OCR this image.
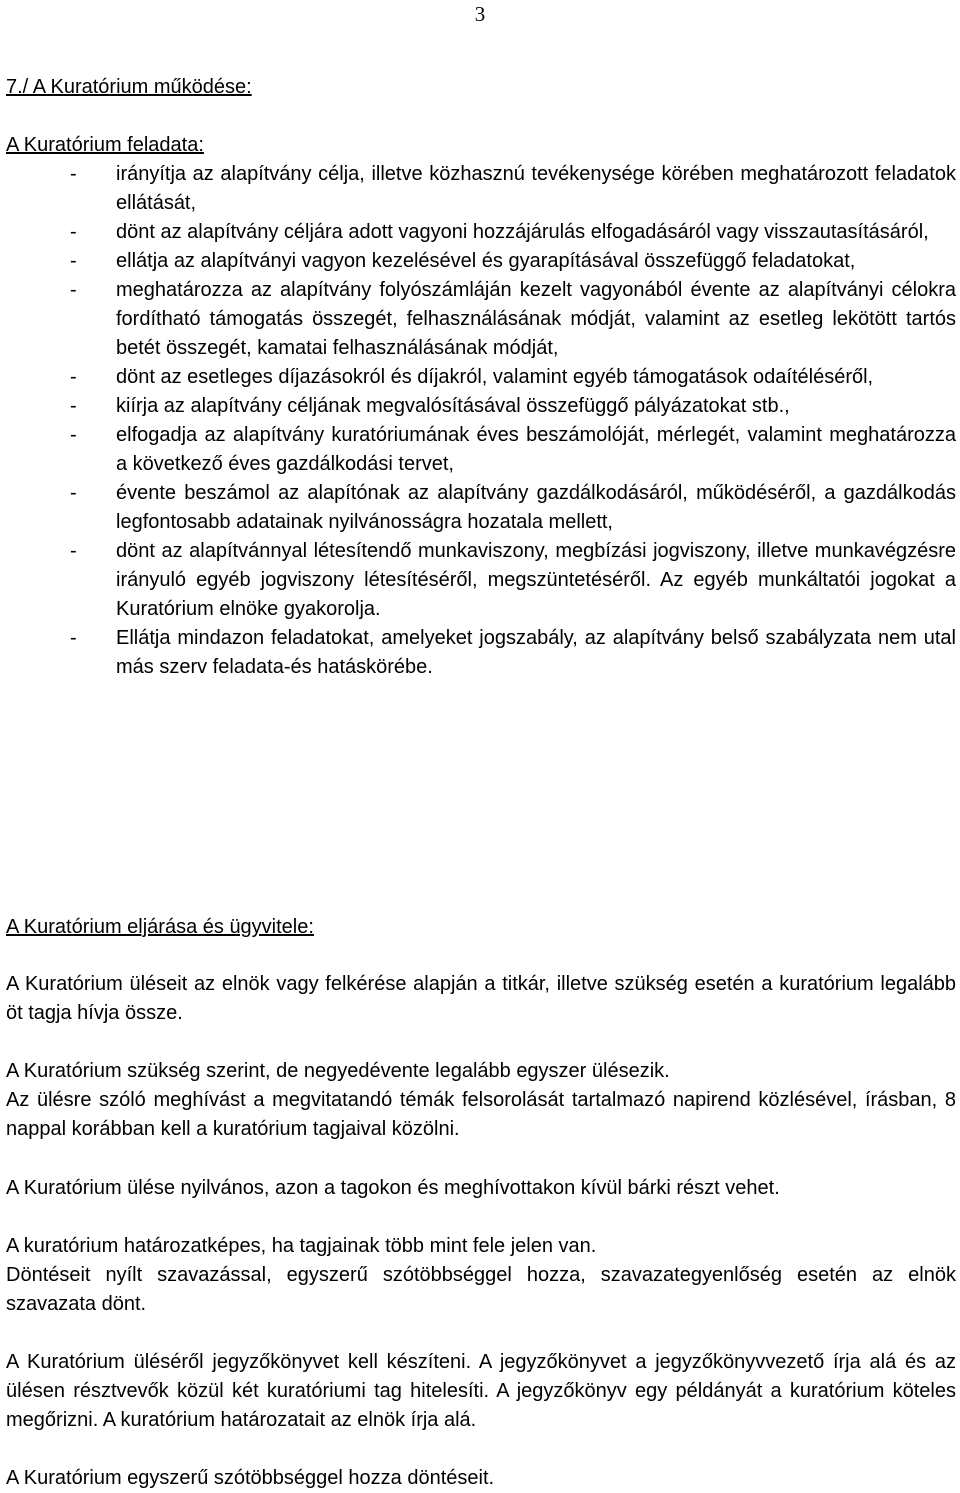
3
7./ A Kuratórium működése:
A Kuratórium feladata:
- irányítja az alapítvány célja, illetve közhasznú tevékenysége körében meghatározott feladatok ellátását,
- dönt az alapítvány céljára adott vagyoni hozzájárulás elfogadásáról vagy visszautasításáról,
- ellátja az alapítványi vagyon kezelésével és gyarapításával összefüggő feladatokat,
- meghatározza az alapítvány folyószámláján kezelt vagyonából évente az alapítványi célokra fordítható támogatás összegét, felhasználásának módját, valamint az esetleg lekötött tartós betét összegét, kamatai felhasználásának módját,
- dönt az esetleges díjazásokról és díjakról, valamint egyéb támogatások odaítéléséről,
- kiírja az alapítvány céljának megvalósításával összefüggő pályázatokat stb.,
- elfogadja az alapítvány kuratóriumának éves beszámolóját, mérlegét, valamint meghatározza a következő éves gazdálkodási tervet,
- évente beszámol az alapítónak az alapítvány gazdálkodásáról, működéséről, a gazdálkodás legfontosabb adatainak nyilvánosságra hozatala mellett,
- dönt az alapítvánnyal létesítendő munkaviszony, megbízási jogviszony, illetve munkavégzésre irányuló egyéb jogviszony létesítéséről, megszüntetéséről. Az egyéb munkáltatói jogokat a Kuratórium elnöke gyakorolja.
- Ellátja mindazon feladatokat, amelyeket jogszabály, az alapítvány belső szabályzata nem utal más szerv feladata-és hatáskörébe.
A Kuratórium eljárása és ügyvitele:

A Kuratórium üléseit az elnök vagy felkérése alapján a titkár, illetve szükség esetén a kuratórium legalább öt tagja hívja össze.

A Kuratórium szükség szerint, de negyedévente legalább egyszer ülésezik.

Az ülésre szóló meghívást a megvitatandó témák felsorolását tartalmazó napirend közlésével, írásban, 8 nappal korábban kell a kuratórium tagjaival közölni.

A Kuratórium ülése nyilvános, azon a tagokon és meghívottakon kívül bárki részt vehet.

A kuratórium határozatképes, ha tagjainak több mint fele jelen van.

Döntéseit nyílt szavazással, egyszerű szótöbbséggel hozza, szavazategyenlőség esetén az elnök szavazata dönt.

A Kuratórium üléséről jegyzőkönyvet kell készíteni. A jegyzőkönyvet a jegyzőkönyvvezető írja alá és az ülésen résztvevők közül két kuratóriumi tag hitelesíti. A jegyzőkönyv egy példányát a kuratórium köteles megőrizni. A kuratórium határozatait az elnök írja alá.

A Kuratórium egyszerű szótöbbséggel hozza döntéseit.
